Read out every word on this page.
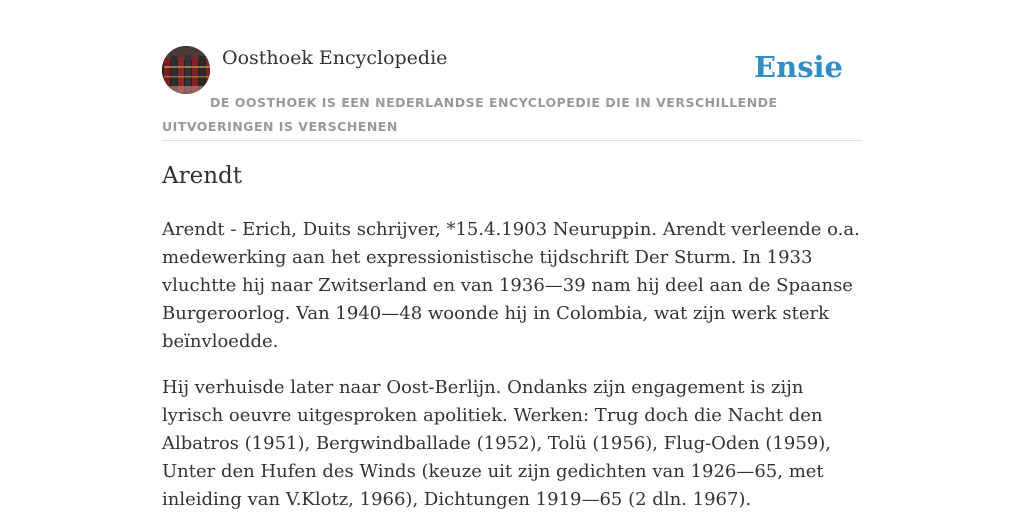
Oosthoek Encyclopedie	Ensie
DE OOSTHOEK IS EEN NEDERLANDSE ENCYCLOPEDIE DIE IN VERSCHILLENDE UITVOERINGEN IS VERSCHENEN
Arendt

Arendt - Erich, Duits schrijver, *15.4.1903 Neuruppin. Arendt verleende o.a. medewerking aan het expressionistische tijdschrift Der Sturm. In 1933 vluchtte hij naar Zwitserland en van 1936—39 nam hij deel aan de Spaanse Burgeroorlog. Van 1940—48 woonde hij in Colombia, wat zijn werk sterk beïnvloedde.

Hij verhuisde later naar Oost-Berlijn. Ondanks zijn engagement is zijn lyrisch oeuvre uitgesproken apolitiek. Werken: Trug doch die Nacht den Albatros (1951), Bergwindballade (1952), Tolü (1956), Flug-Oden (1959), Unter den Hufen des Winds (keuze uit zijn gedichten van 1926—65, met inleiding van V.Klotz, 1966), Dichtungen 1919—65 (2 dln. 1967).
